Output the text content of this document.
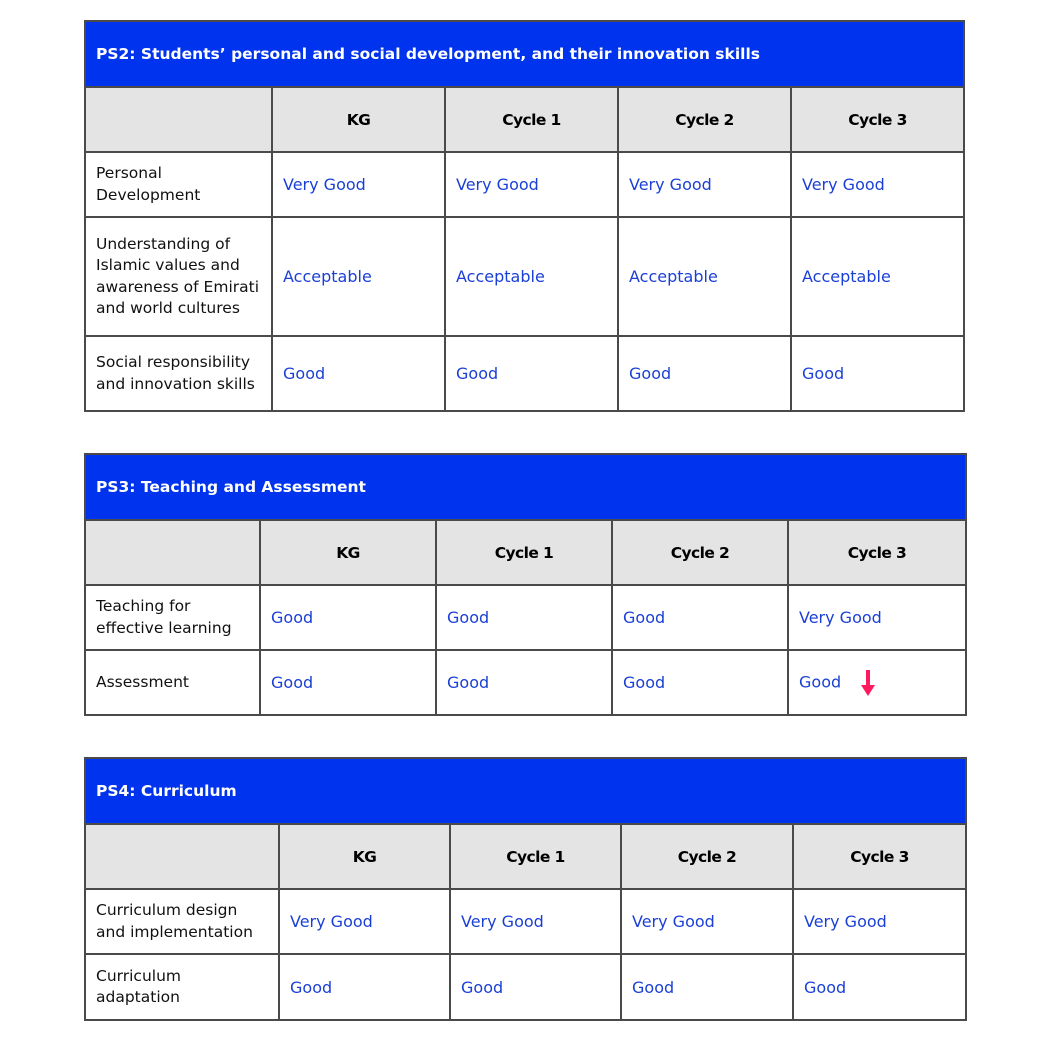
PS2: Students’ personal and social development, and their innovation skills				
	KG	Cycle 1	Cycle 2	Cycle 3
Personal Development	Very Good	Very Good	Very Good	Very Good
Understanding of Islamic values and awareness of Emirati and world cultures	Acceptable	Acceptable	Acceptable	Acceptable
Social responsibility and innovation skills	Good	Good	Good	Good
PS3: Teaching and Assessment				
	KG	Cycle 1	Cycle 2	Cycle 3
Teaching for effective learning	Good	Good	Good	Very Good
Assessment	Good	Good	Good	Good
PS4: Curriculum				
	KG	Cycle 1	Cycle 2	Cycle 3
Curriculum design and implementation	Very Good	Very Good	Very Good	Very Good
Curriculum adaptation	Good	Good	Good	Good
